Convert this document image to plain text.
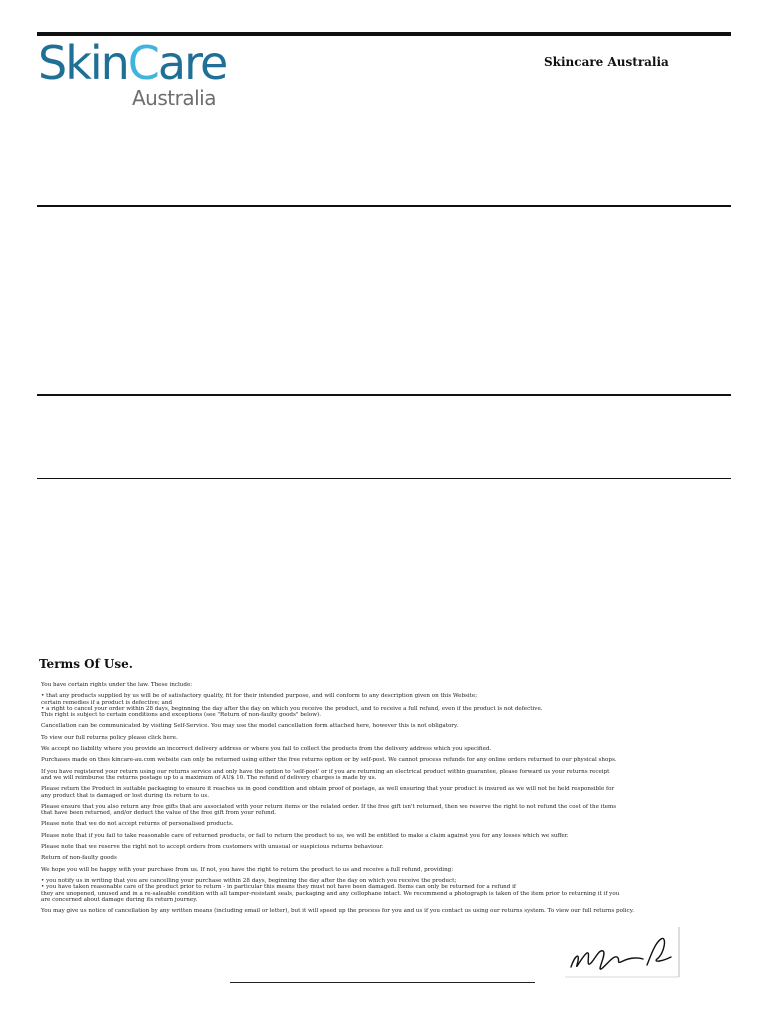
SkinCare
Australia
Skincare Australia
Terms Of Use.
You have certain rights under the law. These include:
• that any products supplied by us will be of satisfactory quality, fit for their intended purpose, and will conform to any description given on this Website;
certain remedies if a product is defective; and
• a right to cancel your order within 28 days, beginning the day after the day on which you receive the product, and to receive a full refund, even if the product is not defective.
This right is subject to certain conditions and exceptions (see "Return of non-faulty goods" below).
Cancellation can be communicated by visiting Self-Service. You may use the model cancellation form attached here, however this is not obligatory.
To view our full returns policy please click here.
We accept no liability where you provide an incorrect delivery address or where you fail to collect the products from the delivery address which you specified.
Purchases made on thes kincare-au.com website can only be returned using either the free returns option or by self-post. We cannot process refunds for any online orders returned to our physical shops.
If you have registered your return using our returns service and only have the option to 'self-post' or if you are returning an electrical product within guarantee, please forward us your returns receipt
and we will reimburse the returns postage up to a maximum of AU$ 10. The refund of delivery charges is made by us.
Please return the Product in suitable packaging to ensure it reaches us in good condition and obtain proof of postage, as well ensuring that your product is insured as we will not be held responsible for
any product that is damaged or lost during its return to us.
Please ensure that you also return any free gifts that are associated with your return items or the related order. If the free gift isn't returned, then we reserve the right to not refund the cost of the items
that have been returned, and/or deduct the value of the free gift from your refund.
Please note that we do not accept returns of personalised products.
Please note that if you fail to take reasonable care of returned products, or fail to return the product to us, we will be entitled to make a claim against you for any losses which we suffer.
Please note that we reserve the right not to accept orders from customers with unusual or suspicious returns behaviour.
Return of non-faulty goods
We hope you will be happy with your purchase from us. If not, you have the right to return the product to us and receive a full refund, providing:
• you notify us in writing that you are cancelling your purchase within 28 days, beginning the day after the day on which you receive the product;
• you have taken reasonable care of the product prior to return - in particular this means they must not have been damaged. Items can only be returned for a refund if
they are unopened, unused and in a re-saleable condition with all tamper-resistant seals, packaging and any cellophane intact. We recommend a photograph is taken of the item prior to returning it if you
are concerned about damage during its return journey.
You may give us notice of cancellation by any written means (including email or letter), but it will speed up the process for you and us if you contact us using our returns system. To view our full returns policy.
